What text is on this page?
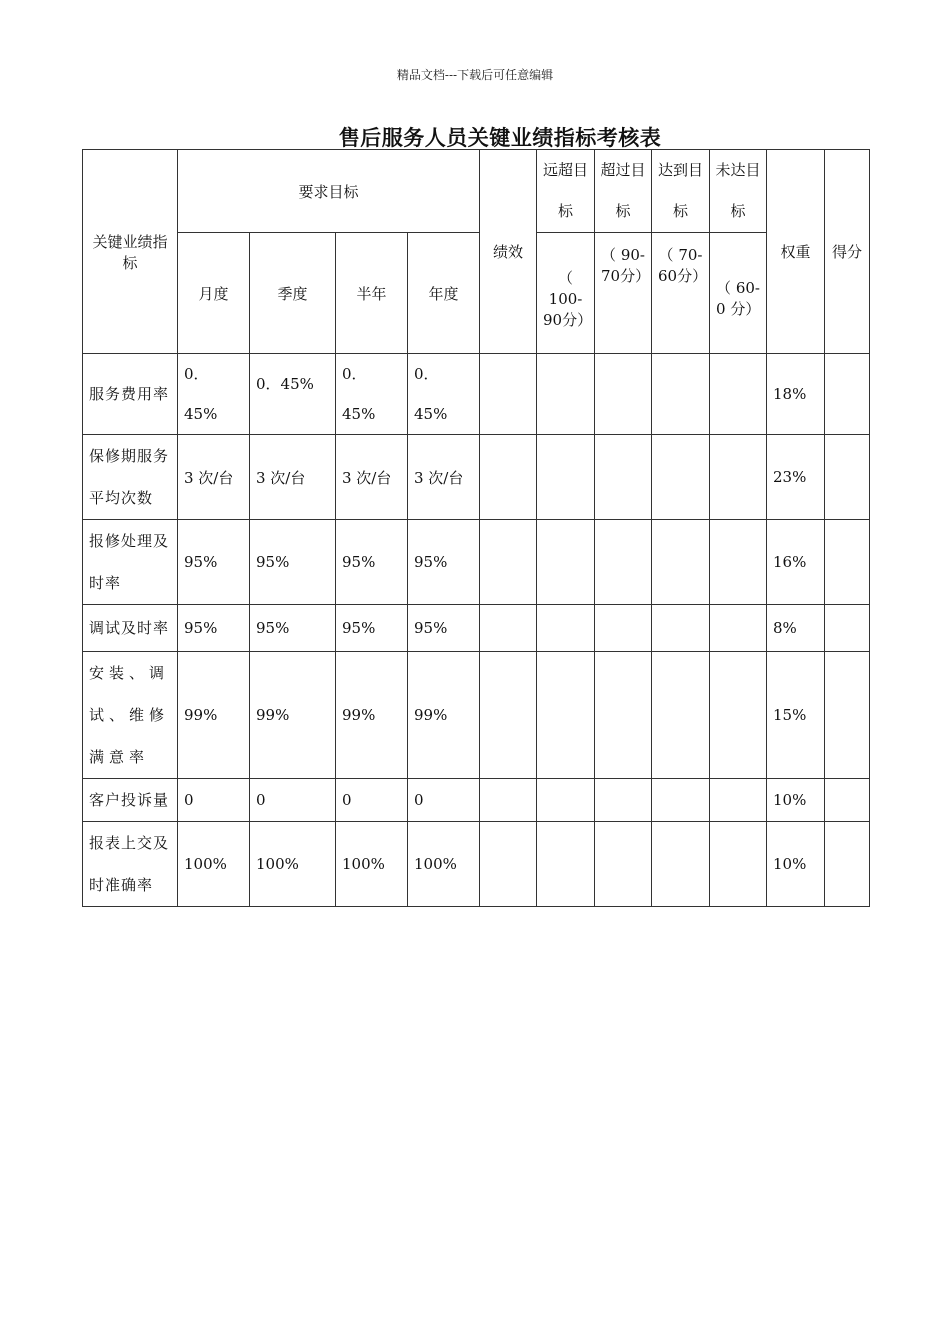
精品文档---下载后可任意编辑
售后服务人员关键业绩指标考核表
关键业绩指标	要求目标				绩效	远超目标	超过目标	达到目标	未达目标	权重	得分
	月度	季度	半年	年度		（ 100-90分）	（ 90-70分）	（ 70-60分）	（ 60-0 分）		
服务费用率	0． 45%	0．45%	0． 45%	0． 45%						18%	
保修期服务平均次数	3 次/台	3 次/台	3 次/台	3 次/台						23%	
报修处理及时率	95%	95%	95%	95%						16%	
调试及时率	95%	95%	95%	95%						8%	
安装、调试、维修满意率	99%	99%	99%	99%						15%	
客户投诉量	0	0	0	0						10%	
报表上交及时准确率	100%	100%	100%	100%						10%	
